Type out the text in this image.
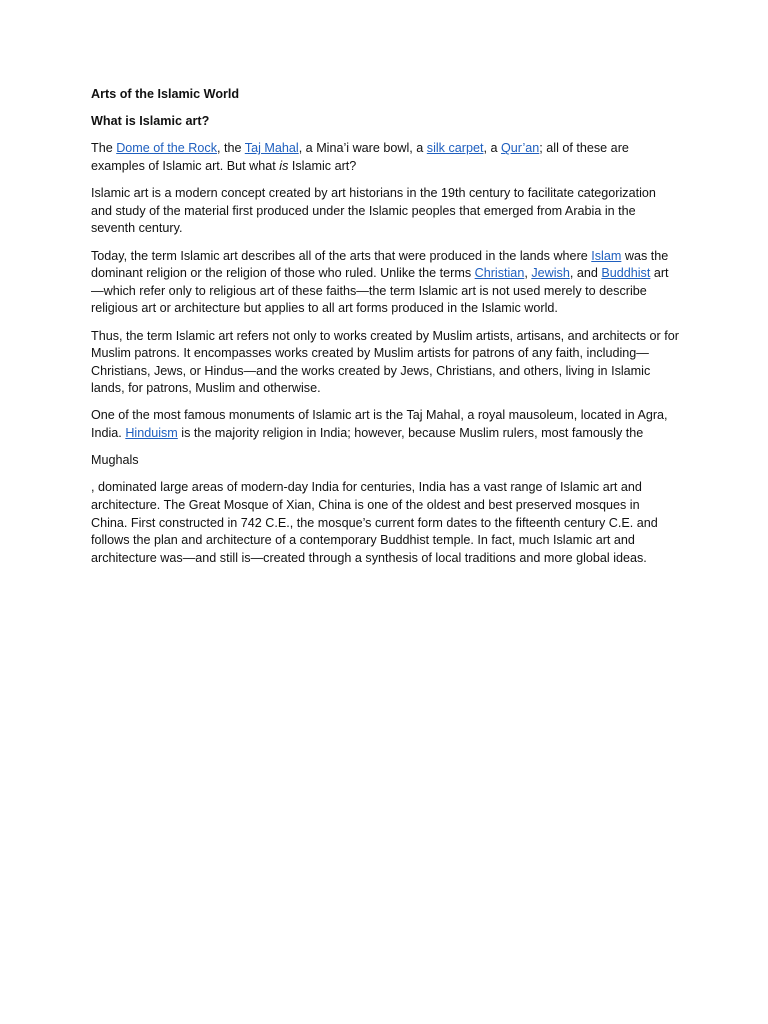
Arts of the Islamic World

What is Islamic art?

The Dome of the Rock, the Taj Mahal, a Mina’i ware bowl, a silk carpet, a Qur’an; all of these are examples of Islamic art. But what is Islamic art?

Islamic art is a modern concept created by art historians in the 19th century to facilitate categorization and study of the material first produced under the Islamic peoples that emerged from Arabia in the seventh century.

Today, the term Islamic art describes all of the arts that were produced in the lands where Islam was the dominant religion or the religion of those who ruled. Unlike the terms Christian, Jewish, and Buddhist art—which refer only to religious art of these faiths—the term Islamic art is not used merely to describe religious art or architecture but applies to all art forms produced in the Islamic world.

Thus, the term Islamic art refers not only to works created by Muslim artists, artisans, and architects or for Muslim patrons. It encompasses works created by Muslim artists for patrons of any faith, including—Christians, Jews, or Hindus—and the works created by Jews, Christians, and others, living in Islamic lands, for patrons, Muslim and otherwise.

One of the most famous monuments of Islamic art is the Taj Mahal, a royal mausoleum, located in Agra, India. Hinduism is the majority religion in India; however, because Muslim rulers, most famously the

Mughals

, dominated large areas of modern-day India for centuries, India has a vast range of Islamic art and architecture. The Great Mosque of Xian, China is one of the oldest and best preserved mosques in China. First constructed in 742 C.E., the mosque’s current form dates to the fifteenth century C.E. and follows the plan and architecture of a contemporary Buddhist temple. In fact, much Islamic art and architecture was—and still is—created through a synthesis of local traditions and more global ideas.
